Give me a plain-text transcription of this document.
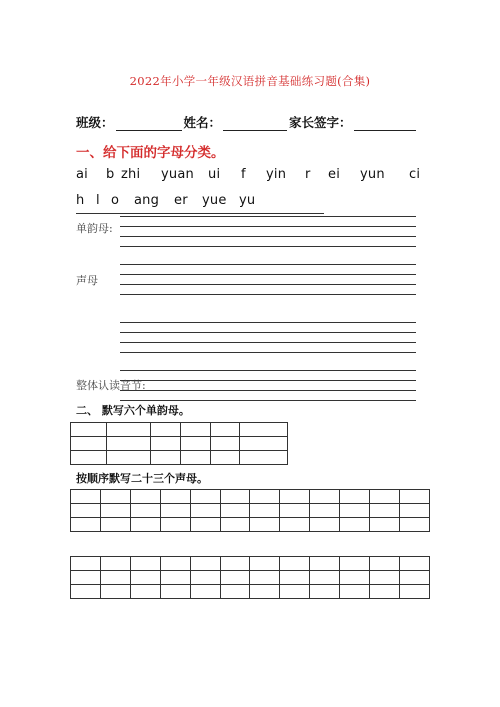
2022年小学一年级汉语拼音基础练习题(合集)
班级：	姓名：	家长签字：
一、给下面的字母分类。
ai b zhi yuan ui f yin r ei yun ci
h l o ang er yue yu
单韵母:
声母
整体认读音节:
二、 默写六个单韵母。

按顺序默写二十三个声母。
